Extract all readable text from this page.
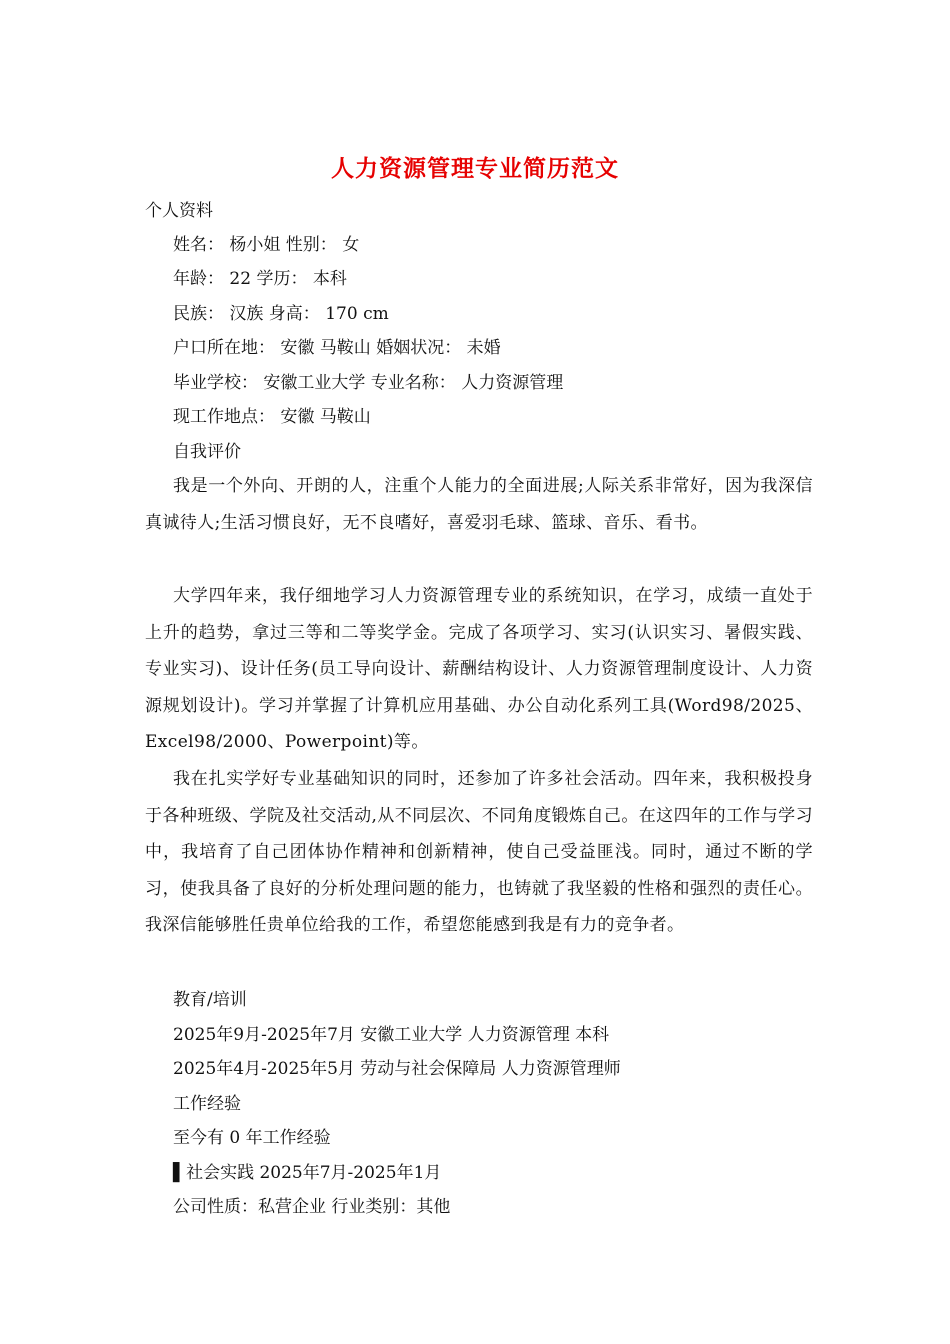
人力资源管理专业简历范文
个人资料
姓名： 杨小姐 性别： 女
年龄： 22 学历： 本科
民族： 汉族 身高： 170 cm
户口所在地： 安徽 马鞍山 婚姻状况： 未婚
毕业学校： 安徽工业大学 专业名称： 人力资源管理
现工作地点： 安徽 马鞍山
自我评价
我是一个外向、开朗的人，注重个人能力的全面进展;人际关系非常好，因为我深信真诚待人;生活习惯良好，无不良嗜好，喜爱羽毛球、篮球、音乐、看书。
大学四年来，我仔细地学习人力资源管理专业的系统知识，在学习，成绩一直处于上升的趋势，拿过三等和二等奖学金。完成了各项学习、实习(认识实习、暑假实践、专业实习)、设计任务(员工导向设计、薪酬结构设计、人力资源管理制度设计、人力资源规划设计)。学习并掌握了计算机应用基础、办公自动化系列工具(Word98/2025、Excel98/2000、Powerpoint)等。
我在扎实学好专业基础知识的同时，还参加了许多社会活动。四年来，我积极投身于各种班级、学院及社交活动,从不同层次、不同角度锻炼自己。在这四年的工作与学习中，我培育了自己团体协作精神和创新精神，使自己受益匪浅。同时，通过不断的学习，使我具备了良好的分析处理问题的能力，也铸就了我坚毅的性格和强烈的责任心。我深信能够胜任贵单位给我的工作，希望您能感到我是有力的竞争者。
教育/培训
2025年9月-2025年7月 安徽工业大学 人力资源管理 本科
2025年4月-2025年5月 劳动与社会保障局 人力资源管理师
工作经验
至今有 0 年工作经验
▌社会实践 2025年7月-2025年1月
公司性质：私营企业 行业类别：其他
